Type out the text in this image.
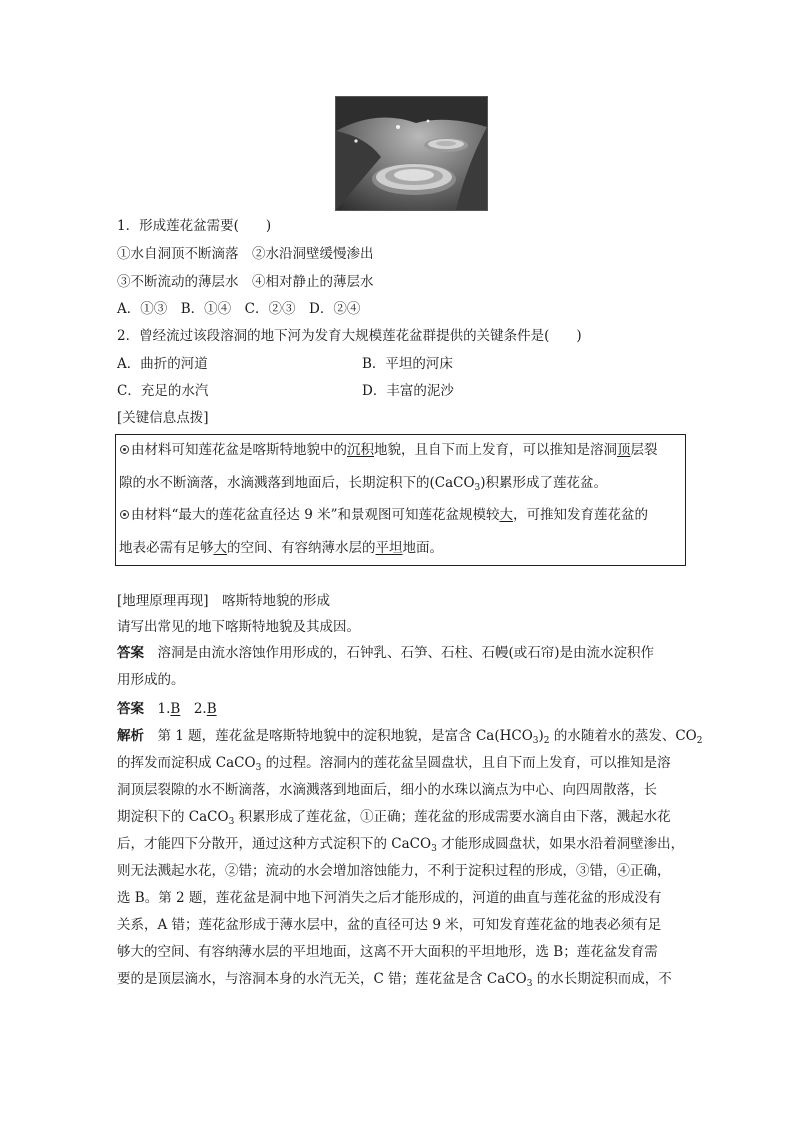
1．形成莲花盆需要(　　)
①水自洞顶不断滴落　②水沿洞壁缓慢渗出
③不断流动的薄层水　④相对静止的薄层水
A．①③　B．①④　C．②③　D．②④
2．曾经流过该段溶洞的地下河为发育大规模莲花盆群提供的关键条件是(　　)
A．曲折的河道	B．平坦的河床
C．充足的水汽	D．丰富的泥沙
[关键信息点拨]
由材料可知莲花盆是喀斯特地貌中的沉积地貌，且自下而上发育，可以推知是溶洞顶层裂
隙的水不断滴落，水滴溅落到地面后，长期淀积下的(CaCO$_3$)积累形成了莲花盆。
由材料“最大的莲花盆直径达 9 米”和景观图可知莲花盆规模较大，可推知发育莲花盆的
地表必需有足够大的空间、有容纳薄水层的平坦地面。
[地理原理再现]　喀斯特地貌的形成
请写出常见的地下喀斯特地貌及其成因。
答案　 溶洞是由流水溶蚀作用形成的，石钟乳、石笋、石柱、石幔(或石帘)是由流水淀积作
用形成的。
答案　 1.B  2.B
解析　 第 1 题，莲花盆是喀斯特地貌中的淀积地貌，是富含 $Ca(HCO_3)_2$ 的水随着水的蒸发、$CO_2$
的挥发而淀积成 CaCO$_3$ 的过程。溶洞内的莲花盆呈圆盘状，且自下而上发育，可以推知是溶
洞顶层裂隙的水不断滴落，水滴溅落到地面后，细小的水珠以滴点为中心、向四周散落，长
期淀积下的 CaCO$_3$ 积累形成了莲花盆，①正确；莲花盆的形成需要水滴自由下落，溅起水花
后，才能四下分散开，通过这种方式淀积下的 CaCO$_3$ 才能形成圆盘状，如果水沿着洞壁渗出，
则无法溅起水花，②错；流动的水会增加溶蚀能力，不利于淀积过程的形成，③错，④正确，
选 B。第 2 题，莲花盆是洞中地下河消失之后才能形成的，河道的曲直与莲花盆的形成没有
关系，A 错；莲花盆形成于薄水层中，盆的直径可达 9 米，可知发育莲花盆的地表必须有足
够大的空间、有容纳薄水层的平坦地面，这离不开大面积的平坦地形，选 B；莲花盆发育需
要的是顶层滴水，与溶洞本身的水汽无关，C 错；莲花盆是含 CaCO$_3$ 的水长期淀积而成，不
